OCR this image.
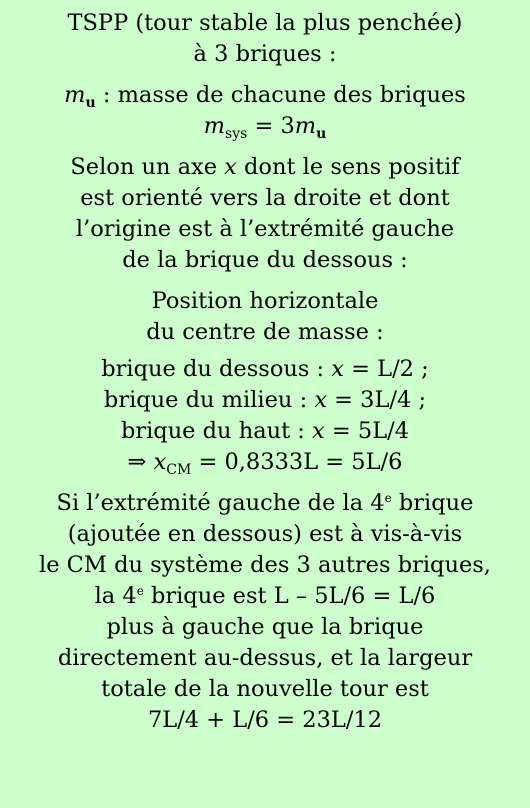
TSPP (tour stable la plus penchée)
à 3 briques :
$m_u$ : masse de chacune des briques
$m_{sys} = 3m_u$
Selon un axe x dont le sens positif
est orienté vers la droite et dont
l’origine est à l’extrémité gauche
de la brique du dessous :
Position horizontale
du centre de masse :
brique du dessous : x = L/2 ;
brique du milieu : x = 3L/4 ;
brique du haut : x = 5L/4
⇒ $x_{CM} = 0,8333L = 5L/6$
Si l’extrémité gauche de la 4e brique
(ajoutée en dessous) est à vis-à-vis
le CM du système des 3 autres briques,
la 4e brique est L – 5L/6 = L/6
plus à gauche que la brique
directement au-dessus, et la largeur
totale de la nouvelle tour est
7L/4 + L/6 = 23L/12
